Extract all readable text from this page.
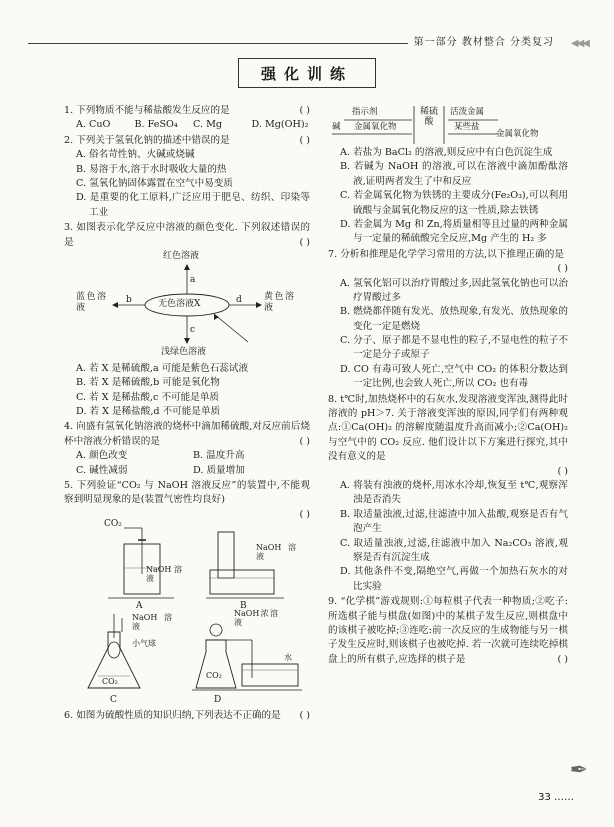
第一部分 教材整合 分类复习 ◀◀◀
强化训练
1. 下列物质不能与稀盐酸发生反应的是	( )
A. CuO	B. FeSO₄	C. Mg	D. Mg(OH)₂
2. 下列关于氢氧化钠的描述中错误的是	( )
A. 俗名苛性钠、火碱或烧碱
B. 易溶于水,溶于水时吸收大量的热
C. 氢氧化钠固体露置在空气中易变质
D. 是重要的化工原料,广泛应用于肥皂、纺织、印染等工业
3. 如图表示化学反应中溶液的颜色变化. 下列叙述错误的是	( )
红色溶液
无色溶液X
蓝色溶液
黄色溶液
浅绿色溶液
a
b
c
d
A. 若 X 是稀硫酸,a 可能是紫色石蕊试液
B. 若 X 是稀硫酸,b 可能是氧化物
C. 若 X 是稀盐酸,c 不可能是单质
D. 若 X 是稀盐酸,d 不可能是单质
4. 向盛有氢氧化钠溶液的烧杯中滴加稀硫酸,对反应前后烧杯中溶液分析错误的是	( )
A. 颜色改变	B. 温度升高
C. 碱性减弱	D. 质量增加
5. 下列验证“CO₂ 与 NaOH 溶液反应”的装置中,不能观察到明显现象的是(装置气密性均良好)
( )
CO₂
NaOH溶液
A
NaOH溶液
B
NaOH溶液
小气球
CO₂
C
NaOH浓溶液
CO₂
水
D
6. 如图为硫酸性质的知识归纳,下列表达不正确的是 ( )
指示剂
金属氧化物
碱
稀硫酸
活泼金属
某些盐
金属氧化物
A. 若盐为 BaCl₂ 的溶液,则反应中有白色沉淀生成
B. 若碱为 NaOH 的溶液,可以在溶液中滴加酚酞溶液,证明两者发生了中和反应
C. 若金属氧化物为铁锈的主要成分(Fe₂O₃),可以利用硫酸与金属氧化物反应的这一性质,除去铁锈
D. 若金属为 Mg 和 Zn,将质量相等且过量的两种金属与一定量的稀硫酸完全反应,Mg 产生的 H₂ 多
7. 分析和推理是化学学习常用的方法,以下推理正确的是
( )
A. 氢氧化铝可以治疗胃酸过多,因此氢氧化钠也可以治疗胃酸过多
B. 燃烧都伴随有发光、放热现象,有发光、放热现象的变化一定是燃烧
C. 分子、原子都是不显电性的粒子,不显电性的粒子不一定是分子或原子
D. CO 有毒可致人死亡,空气中 CO₂ 的体积分数达到一定比例,也会致人死亡,所以 CO₂ 也有毒
8. t℃时,加热烧杯中的石灰水,发现溶液变浑浊,测得此时溶液的 pH＞7. 关于溶液变浑浊的原因,同学们有两种观点:①Ca(OH)₂ 的溶解度随温度升高而减小;②Ca(OH)₂ 与空气中的 CO₂ 反应. 他们设计以下方案进行探究,其中没有意义的是
( )
A. 将装有浊液的烧杯,用冰水冷却,恢复至 t℃,观察浑浊是否消失
B. 取适量浊液,过滤,往滤渣中加入盐酸,观察是否有气泡产生
C. 取适量浊液,过滤,往滤液中加入 Na₂CO₃ 溶液,观察是否有沉淀生成
D. 其他条件不变,隔绝空气,再做一个加热石灰水的对比实验
9. “化学棋”游戏规则:①每粒棋子代表一种物质;②吃子:所选棋子能与棋盘(如图)中的某棋子发生反应,则棋盘中的该棋子被吃掉;③连吃:前一次反应的生成物能与另一棋子发生反应时,则该棋子也被吃掉. 若一次就可连续吃掉棋盘上的所有棋子,应选择的棋子是	( )
✒
33 ……
